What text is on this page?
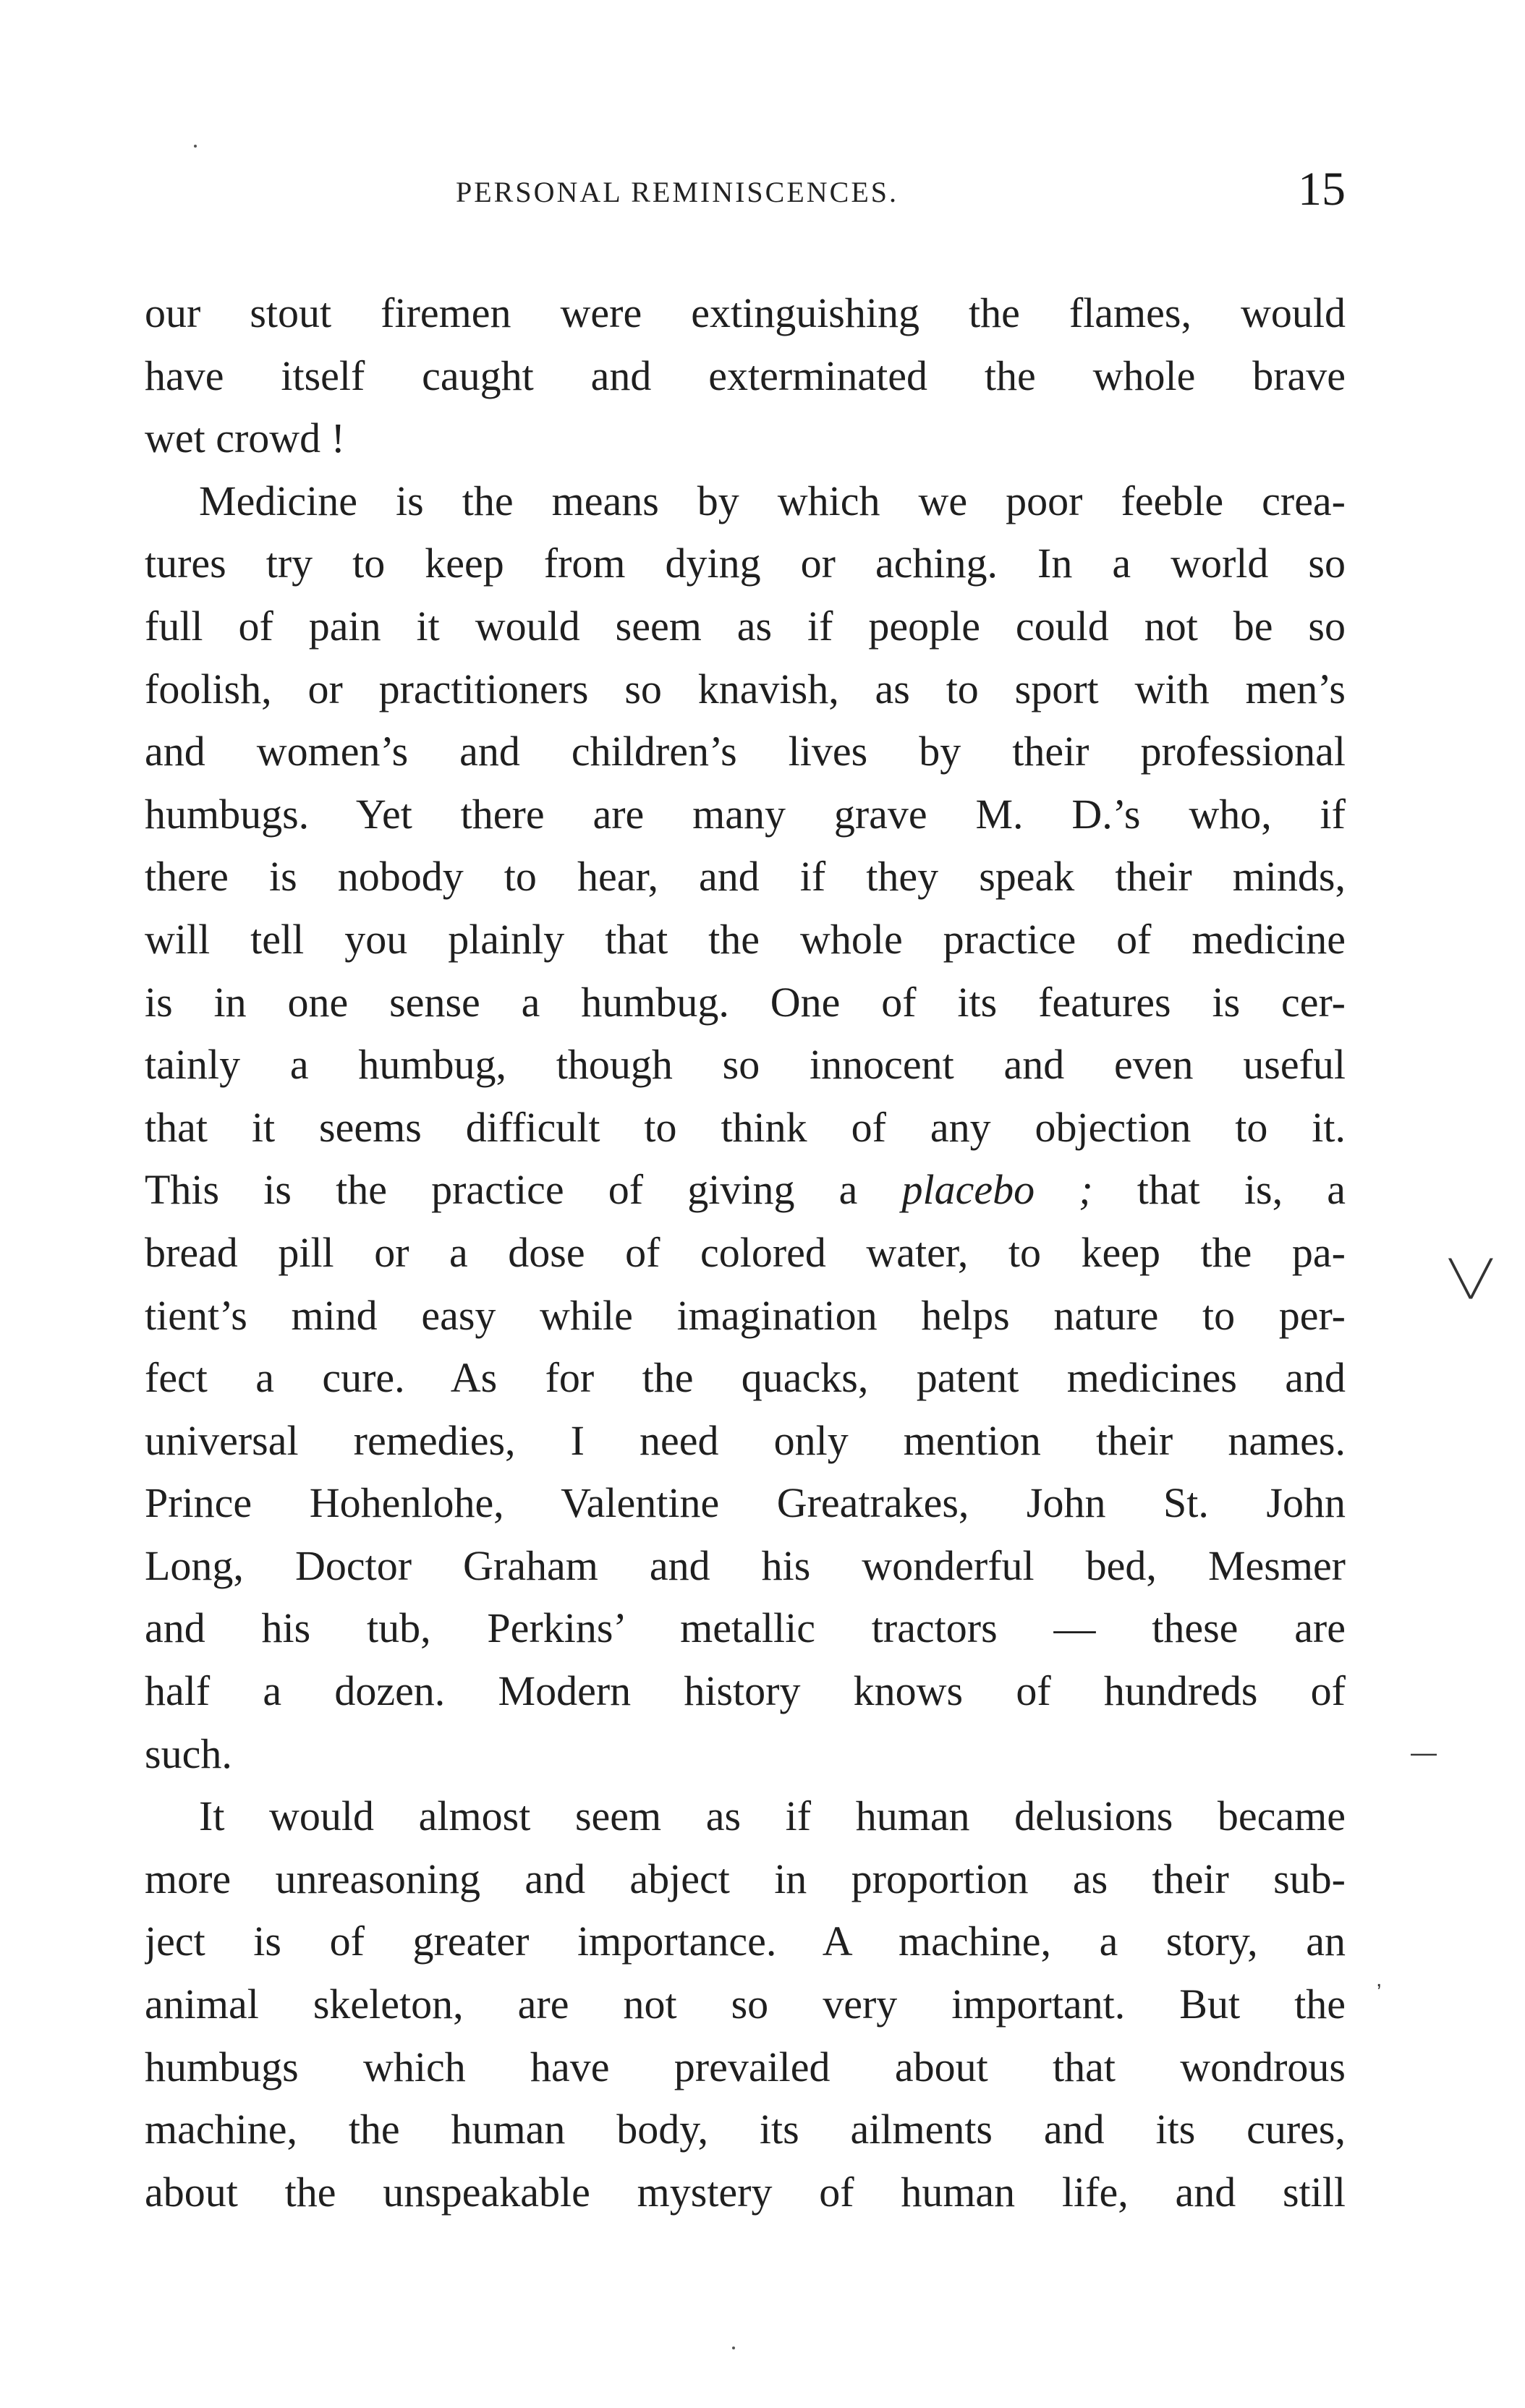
PERSONAL REMINISCENCES.	15
our stout firemen were extinguishing the flames, would
have itself caught and exterminated the whole brave
wet crowd !
Medicine is the means by which we poor feeble crea-
tures try to keep from dying or aching. In a world so
full of pain it would seem as if people could not be so
foolish, or practitioners so knavish, as to sport with men’s
and women’s and children’s lives by their professional
humbugs. Yet there are many grave M. D.’s who, if
there is nobody to hear, and if they speak their minds,
will tell you plainly that the whole practice of medicine
is in one sense a humbug. One of its features is cer-
tainly a humbug, though so innocent and even useful
that it seems difficult to think of any objection to it.
This is the practice of giving a placebo ; that is, a
bread pill or a dose of colored water, to keep the pa-
tient’s mind easy while imagination helps nature to per-
fect a cure. As for the quacks, patent medicines and
universal remedies, I need only mention their names.
Prince Hohenlohe, Valentine Greatrakes, John St. John
Long, Doctor Graham and his wonderful bed, Mesmer
and his tub, Perkins’ metallic tractors — these are
half a dozen. Modern history knows of hundreds of
such.
It would almost seem as if human delusions became
more unreasoning and abject in proportion as their sub-
ject is of greater importance. A machine, a story, an
animal skeleton, are not so very important. But the
humbugs which have prevailed about that wondrous
machine, the human body, its ailments and its cures,
about the unspeakable mystery of human life, and still
╲╱
—
,
